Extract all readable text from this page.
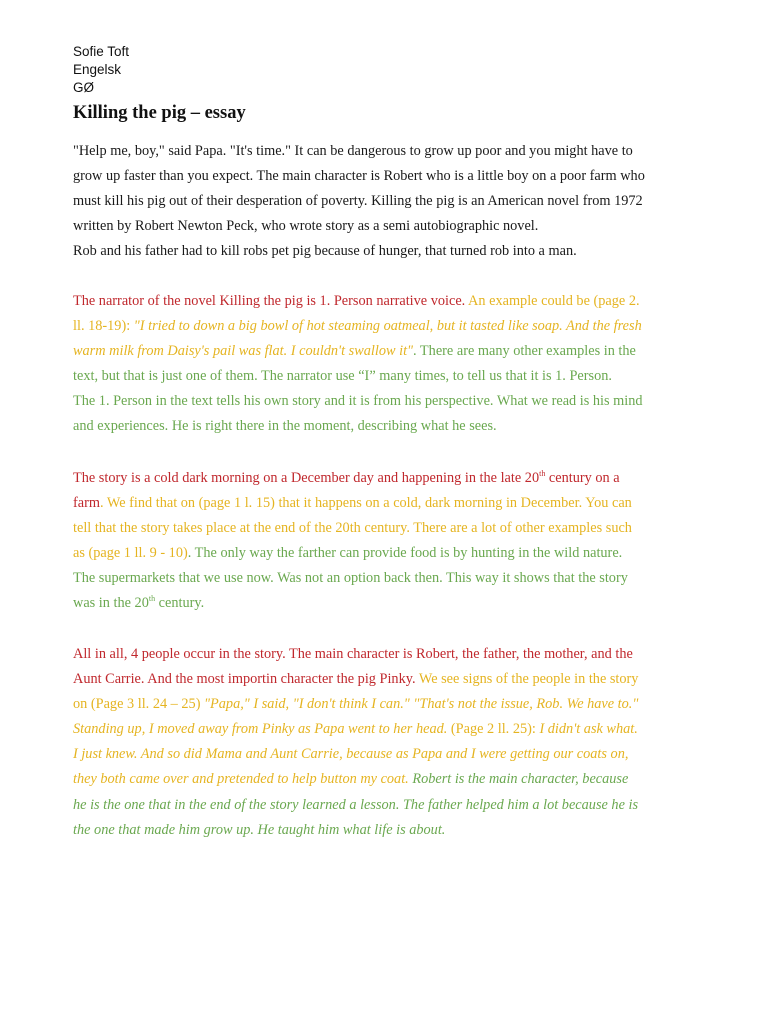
Sofie Toft
Engelsk
GØ
Killing the pig – essay
"Help me, boy," said Papa. "It's time." It can be dangerous to grow up poor and you might have to
grow up faster than you expect. The main character is Robert who is a little boy on a poor farm who
must kill his pig out of their desperation of poverty. Killing the pig is an American novel from 1972
written by Robert Newton Peck, who wrote story as a semi autobiographic novel.
Rob and his father had to kill robs pet pig because of hunger, that turned rob into a man.
The narrator of the novel Killing the pig is 1. Person narrative voice. An example could be (page 2.
ll. 18-19): "I tried to down a big bowl of hot steaming oatmeal, but it tasted like soap. And the fresh
warm milk from Daisy's pail was flat. I couldn't swallow it". There are many other examples in the
text, but that is just one of them. The narrator use “I” many times, to tell us that it is 1. Person.
The 1. Person in the text tells his own story and it is from his perspective. What we read is his mind
and experiences. He is right there in the moment, describing what he sees.
The story is a cold dark morning on a December day and happening in the late 20th century on a
farm. We find that on (page 1 l. 15) that it happens on a cold, dark morning in December. You can
tell that the story takes place at the end of the 20th century. There are a lot of other examples such
as (page 1 ll. 9 - 10). The only way the farther can provide food is by hunting in the wild nature.
The supermarkets that we use now. Was not an option back then. This way it shows that the story
was in the 20th century.
All in all, 4 people occur in the story. The main character is Robert, the father, the mother, and the
Aunt Carrie. And the most importin character the pig Pinky. We see signs of the people in the story
on (Page 3 ll. 24 – 25) "Papa," I said, "I don't think I can." "That's not the issue, Rob. We have to."
Standing up, I moved away from Pinky as Papa went to her head. (Page 2 ll. 25): I didn't ask what.
I just knew. And so did Mama and Aunt Carrie, because as Papa and I were getting our coats on,
they both came over and pretended to help button my coat. Robert is the main character, because
he is the one that in the end of the story learned a lesson. The father helped him a lot because he is
the one that made him grow up. He taught him what life is about.
